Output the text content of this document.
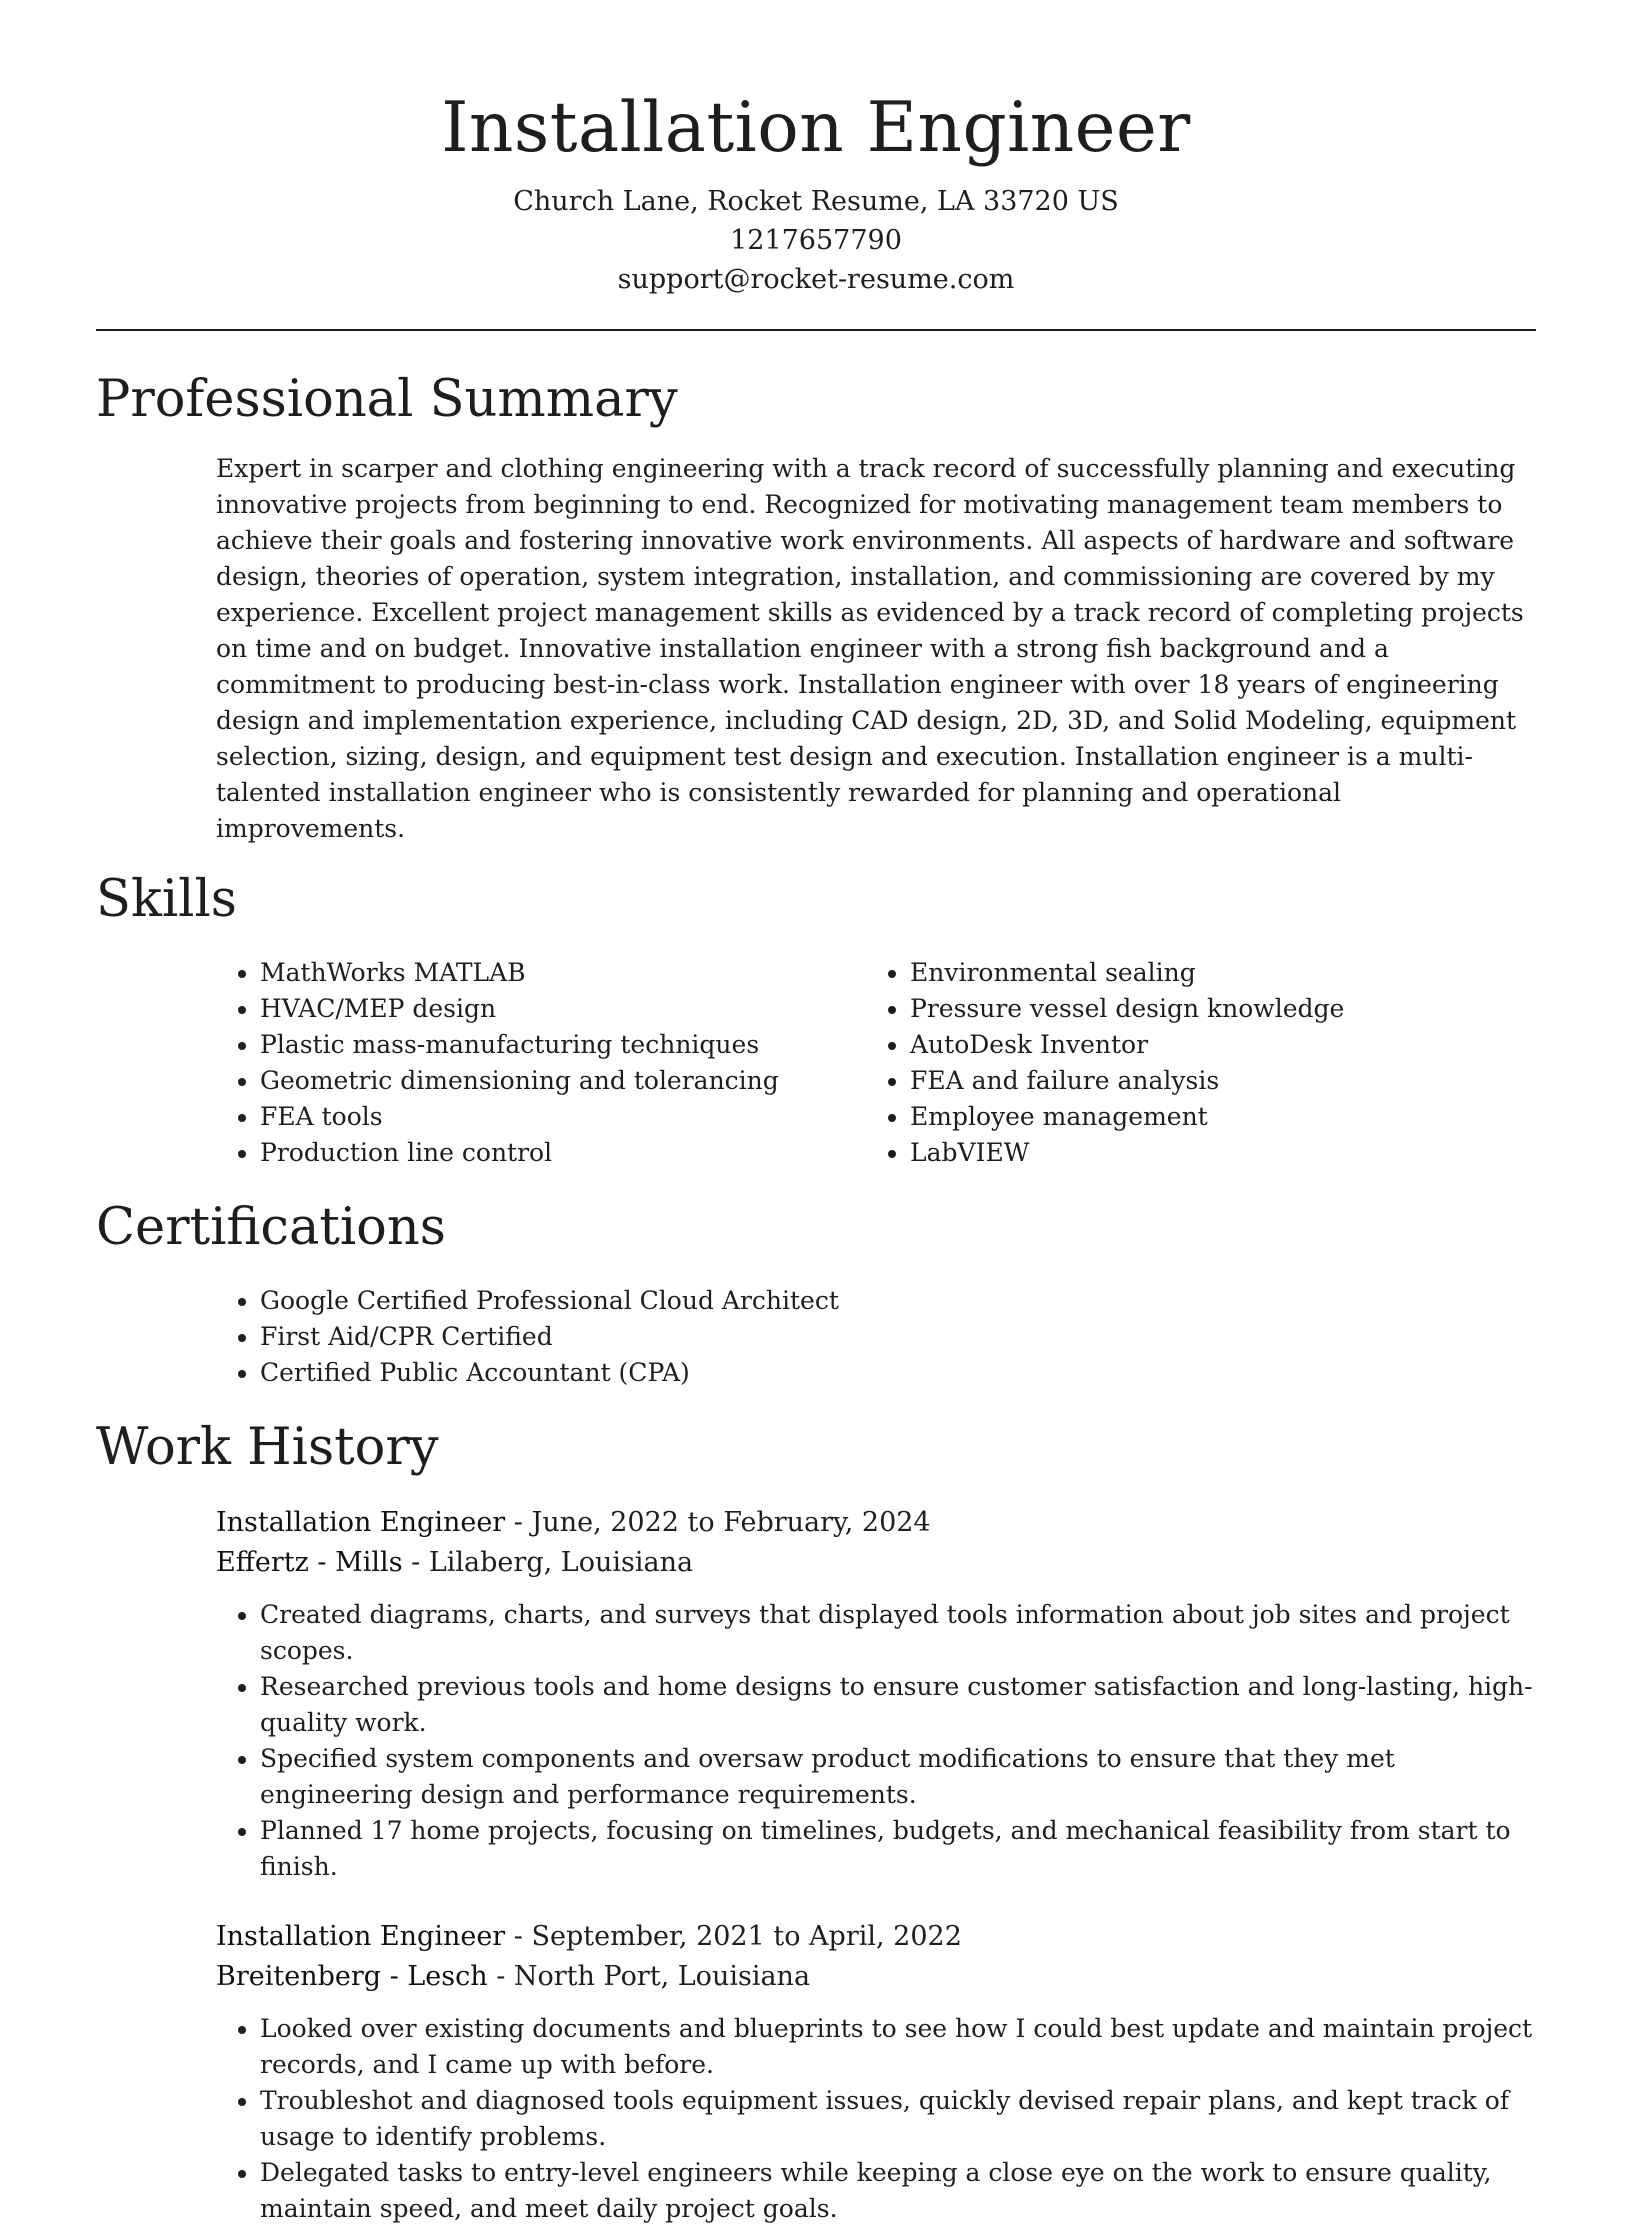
Installation Engineer
Church Lane, Rocket Resume, LA 33720 US
1217657790
support@rocket-resume.com
Professional Summary

Expert in scarper and clothing engineering with a track record of successfully planning and executing innovative projects from beginning to end. Recognized for motivating management team members to achieve their goals and fostering innovative work environments. All aspects of hardware and software design, theories of operation, system integration, installation, and commissioning are covered by my experience. Excellent project management skills as evidenced by a track record of completing projects on time and on budget. Innovative installation engineer with a strong fish background and a commitment to producing best-in-class work. Installation engineer with over 18 years of engineering design and implementation experience, including CAD design, 2D, 3D, and Solid Modeling, equipment selection, sizing, design, and equipment test design and execution. Installation engineer is a multi-talented installation engineer who is consistently rewarded for planning and operational improvements.

Skills
• MathWorks MATLAB
• HVAC/MEP design
• Plastic mass-manufacturing techniques
• Geometric dimensioning and tolerancing
• FEA tools
• Production line control
• Environmental sealing
• Pressure vessel design knowledge
• AutoDesk Inventor
• FEA and failure analysis
• Employee management
• LabVIEW
Certifications
• Google Certified Professional Cloud Architect
• First Aid/CPR Certified
• Certified Public Accountant (CPA)
Work History
Installation Engineer - June, 2022 to February, 2024
Effertz - Mills - Lilaberg, Louisiana
• Created diagrams, charts, and surveys that displayed tools information about job sites and project scopes.
• Researched previous tools and home designs to ensure customer satisfaction and long-lasting, high-quality work.
• Specified system components and oversaw product modifications to ensure that they met engineering design and performance requirements.
• Planned 17 home projects, focusing on timelines, budgets, and mechanical feasibility from start to finish.
Installation Engineer - September, 2021 to April, 2022
Breitenberg - Lesch - North Port, Louisiana
• Looked over existing documents and blueprints to see how I could best update and maintain project records, and I came up with before.
• Troubleshot and diagnosed tools equipment issues, quickly devised repair plans, and kept track of usage to identify problems.
• Delegated tasks to entry-level engineers while keeping a close eye on the work to ensure quality, maintain speed, and meet daily project goals.
